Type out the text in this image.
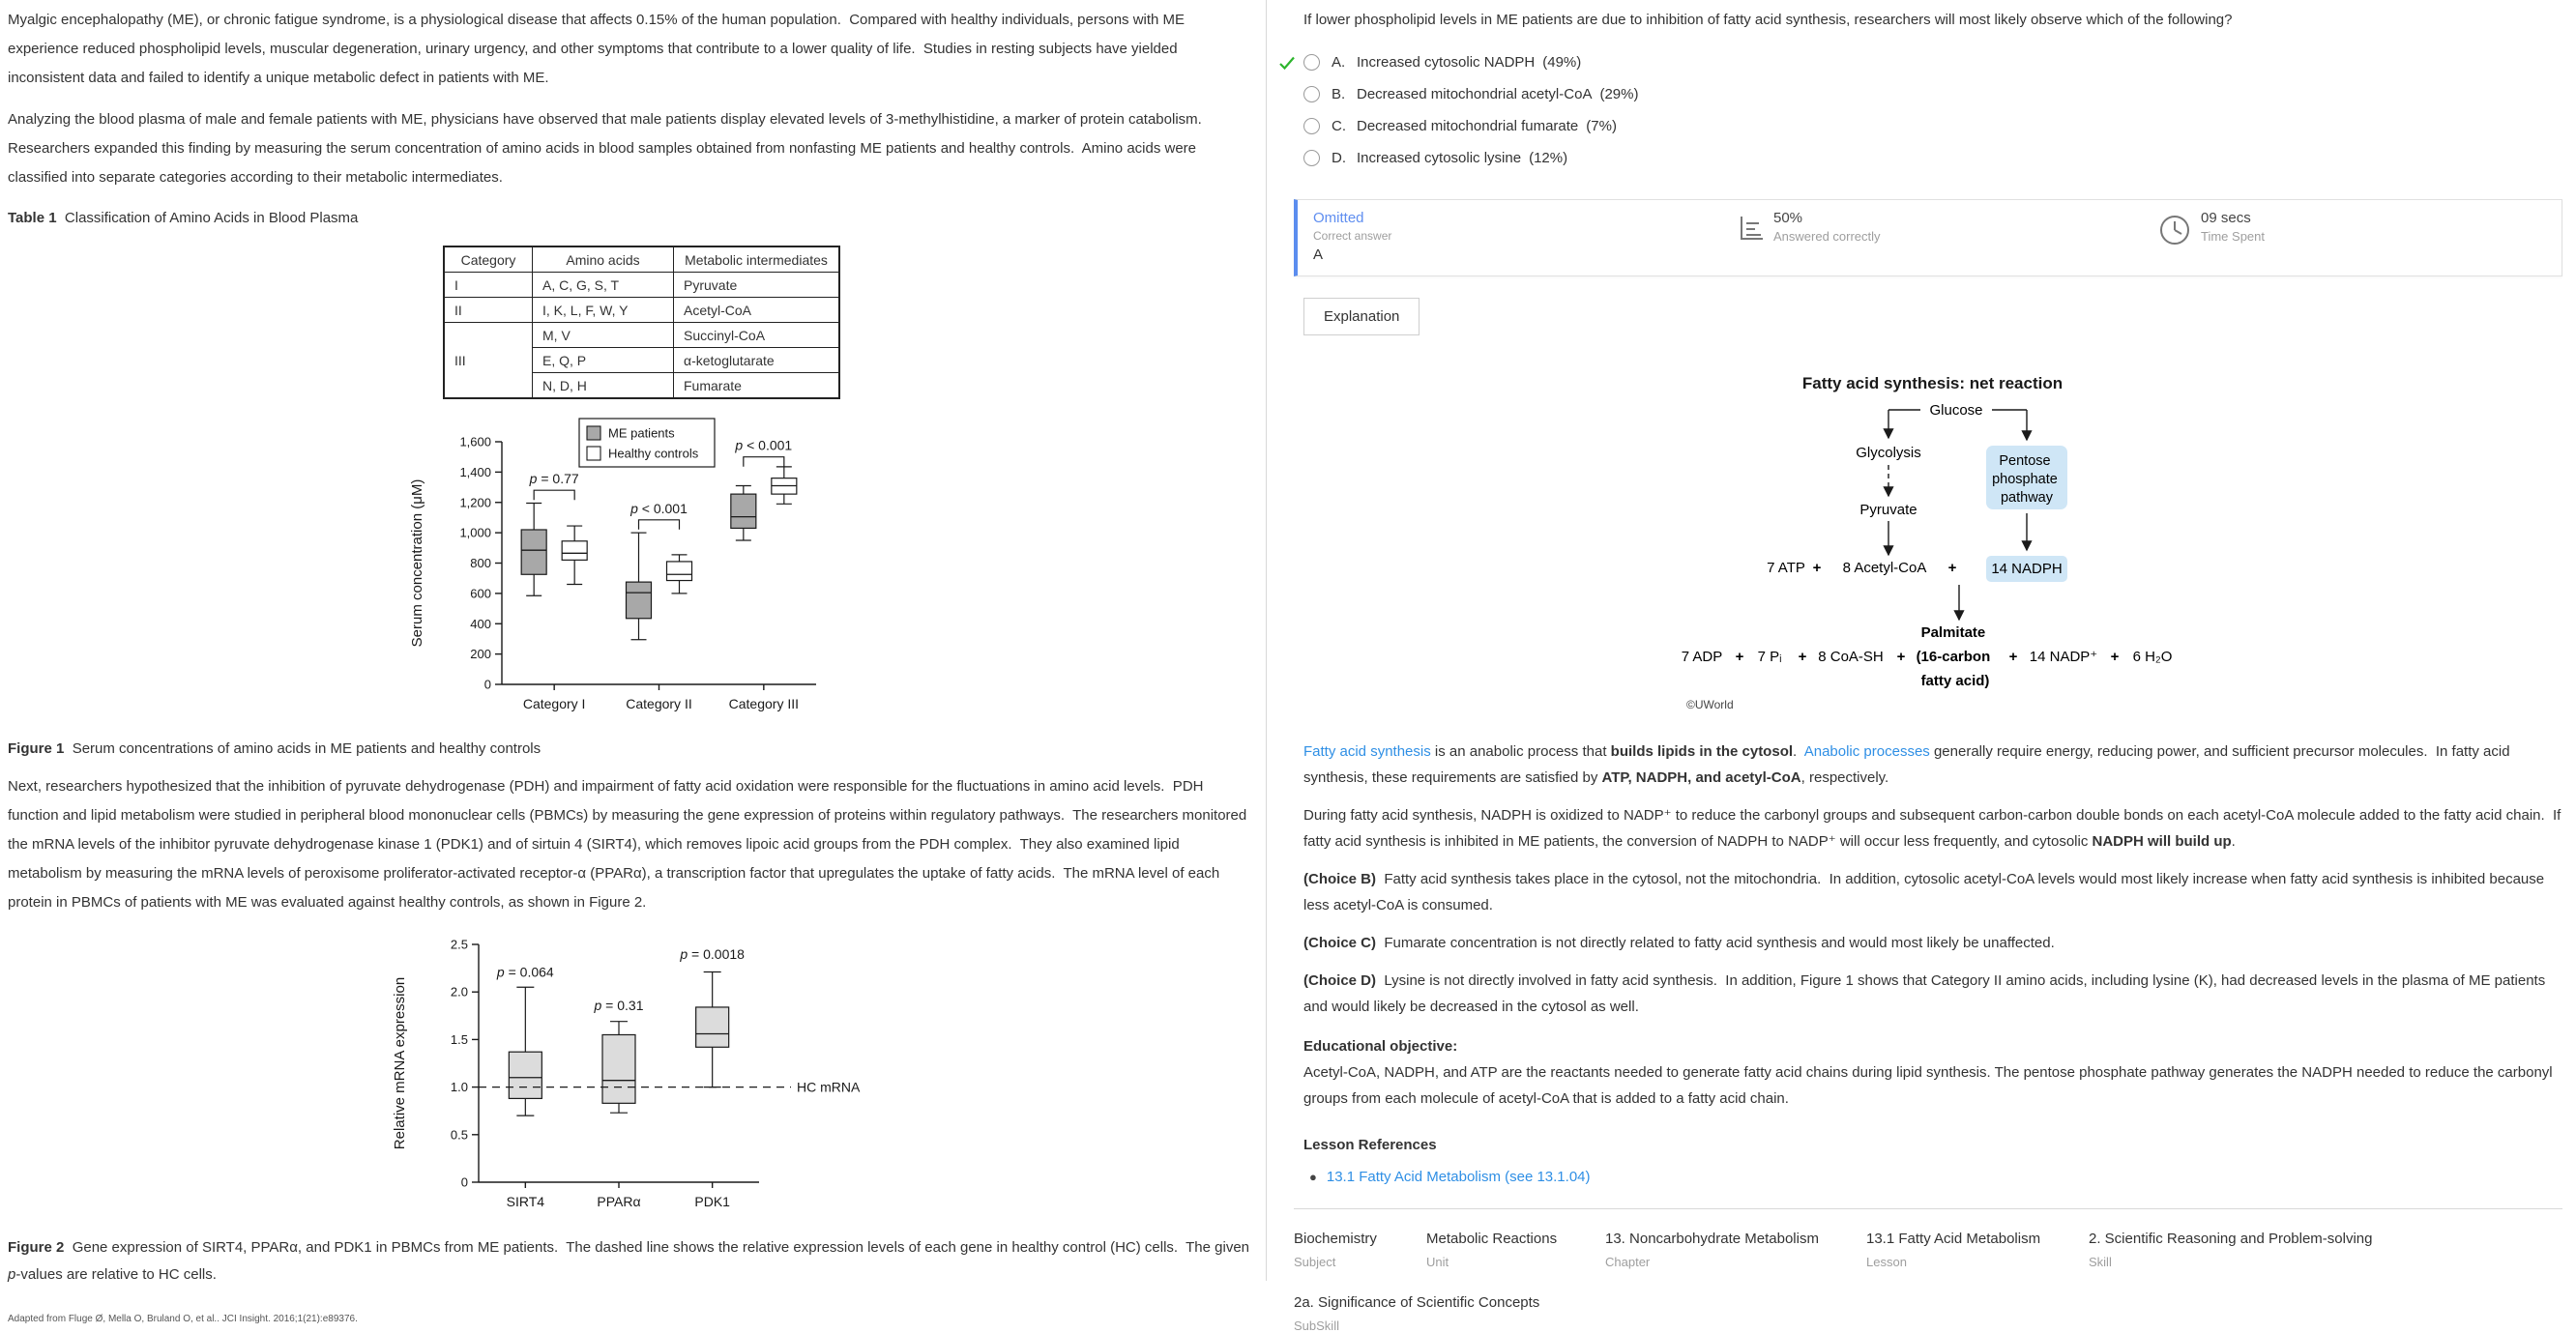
Myalgic encephalopathy (ME), or chronic fatigue syndrome, is a physiological disease that affects 0.15% of the human population.  Compared with healthy individuals, persons with ME experience reduced phospholipid levels, muscular degeneration, urinary urgency, and other symptoms that contribute to a lower quality of life.  Studies in resting subjects have yielded inconsistent data and failed to identify a unique metabolic defect in patients with ME.

Analyzing the blood plasma of male and female patients with ME, physicians have observed that male patients display elevated levels of 3-methylhistidine, a marker of protein catabolism.  Researchers expanded this finding by measuring the serum concentration of amino acids in blood samples obtained from nonfasting ME patients and healthy controls.  Amino acids were classified into separate categories according to their metabolic intermediates.

Table 1  Classification of Amino Acids in Blood Plasma
Category	Amino acids	Metabolic intermediates
I	A, C, G, S, T	Pyruvate
II	I, K, L, F, W, Y	Acetyl-CoA
III	M, V	Succinyl-CoA
	E, Q, P	α-ketoglutarate
	N, D, H	Fumarate
0
200
400
600
800
1,000
1,200
1,400
1,600
Serum concentration (μM)
Category I	Category II	Category III
p = 0.77
p < 0.001
p < 0.001
ME patients
Healthy controls
Figure 1  Serum concentrations of amino acids in ME patients and healthy controls

Next, researchers hypothesized that the inhibition of pyruvate dehydrogenase (PDH) and impairment of fatty acid oxidation were responsible for the fluctuations in amino acid levels.  PDH function and lipid metabolism were studied in peripheral blood mononuclear cells (PBMCs) by measuring the gene expression of proteins within regulatory pathways.  The researchers monitored the mRNA levels of the inhibitor pyruvate dehydrogenase kinase 1 (PDK1) and of sirtuin 4 (SIRT4), which removes lipoic acid groups from the PDH complex.  They also examined lipid metabolism by measuring the mRNA levels of peroxisome proliferator-activated receptor-α (PPARα), a transcription factor that upregulates the uptake of fatty acids.  The mRNA level of each protein in PBMCs of patients with ME was evaluated against healthy controls, as shown in Figure 2.

0
0.5
1.0
1.5
2.0
2.5
Relative mRNA expression
SIRT4	PPARα	PDK1
p = 0.064
p = 0.31
p = 0.0018
HC mRNA
Figure 2  Gene expression of SIRT4, PPARα, and PDK1 in PBMCs from ME patients.  The dashed line shows the relative expression levels of each gene in healthy control (HC) cells.  The given p-values are relative to HC cells.
Adapted from Fluge Ø, Mella O, Bruland O, et al.. JCI Insight. 2016;1(21):e89376.
If lower phospholipid levels in ME patients are due to inhibition of fatty acid synthesis, researchers will most likely observe which of the following?
A. Increased cytosolic NADPH (49%)
B. Decreased mitochondrial acetyl-CoA (29%)
C. Decreased mitochondrial fumarate (7%)
D. Increased cytosolic lysine (12%)
Omitted
Correct answer
A
50%
Answered correctly
09 secs
Time Spent
Explanation
Fatty acid synthesis: net reaction
Glucose
Glycolysis
Pyruvate
Pentose phosphate pathway
7 ATP + 8 Acetyl-CoA + 14 NADPH
7 ADP + 7 Pᵢ + 8 CoA-SH +
Palmitate (16-carbon fatty acid)
+ 14 NADP⁺ + 6 H₂O
©UWorld
Fatty acid synthesis is an anabolic process that builds lipids in the cytosol.  Anabolic processes generally require energy, reducing power, and sufficient precursor molecules.  In fatty acid synthesis, these requirements are satisfied by ATP, NADPH, and acetyl-CoA, respectively.
During fatty acid synthesis, NADPH is oxidized to NADP⁺ to reduce the carbonyl groups and subsequent carbon-carbon double bonds on each acetyl-CoA molecule added to the fatty acid chain.  If fatty acid synthesis is inhibited in ME patients, the conversion of NADPH to NADP⁺ will occur less frequently, and cytosolic NADPH will build up.
(Choice B)  Fatty acid synthesis takes place in the cytosol, not the mitochondria.  In addition, cytosolic acetyl-CoA levels would most likely increase when fatty acid synthesis is inhibited because less acetyl-CoA is consumed.
(Choice C)  Fumarate concentration is not directly related to fatty acid synthesis and would most likely be unaffected.
(Choice D)  Lysine is not directly involved in fatty acid synthesis.  In addition, Figure 1 shows that Category II amino acids, including lysine (K), had decreased levels in the plasma of ME patients and would likely be decreased in the cytosol as well.
Educational objective:
Acetyl-CoA, NADPH, and ATP are the reactants needed to generate fatty acid chains during lipid synthesis. The pentose phosphate pathway generates the NADPH needed to reduce the carbonyl groups from each molecule of acetyl-CoA that is added to a fatty acid chain.
Lesson References
● 13.1 Fatty Acid Metabolism (see 13.1.04)
Biochemistry
Subject
Metabolic Reactions
Unit
13. Noncarbohydrate Metabolism
Chapter
13.1 Fatty Acid Metabolism
Lesson
2. Scientific Reasoning and Problem-solving
Skill
2a. Significance of Scientific Concepts
SubSkill
